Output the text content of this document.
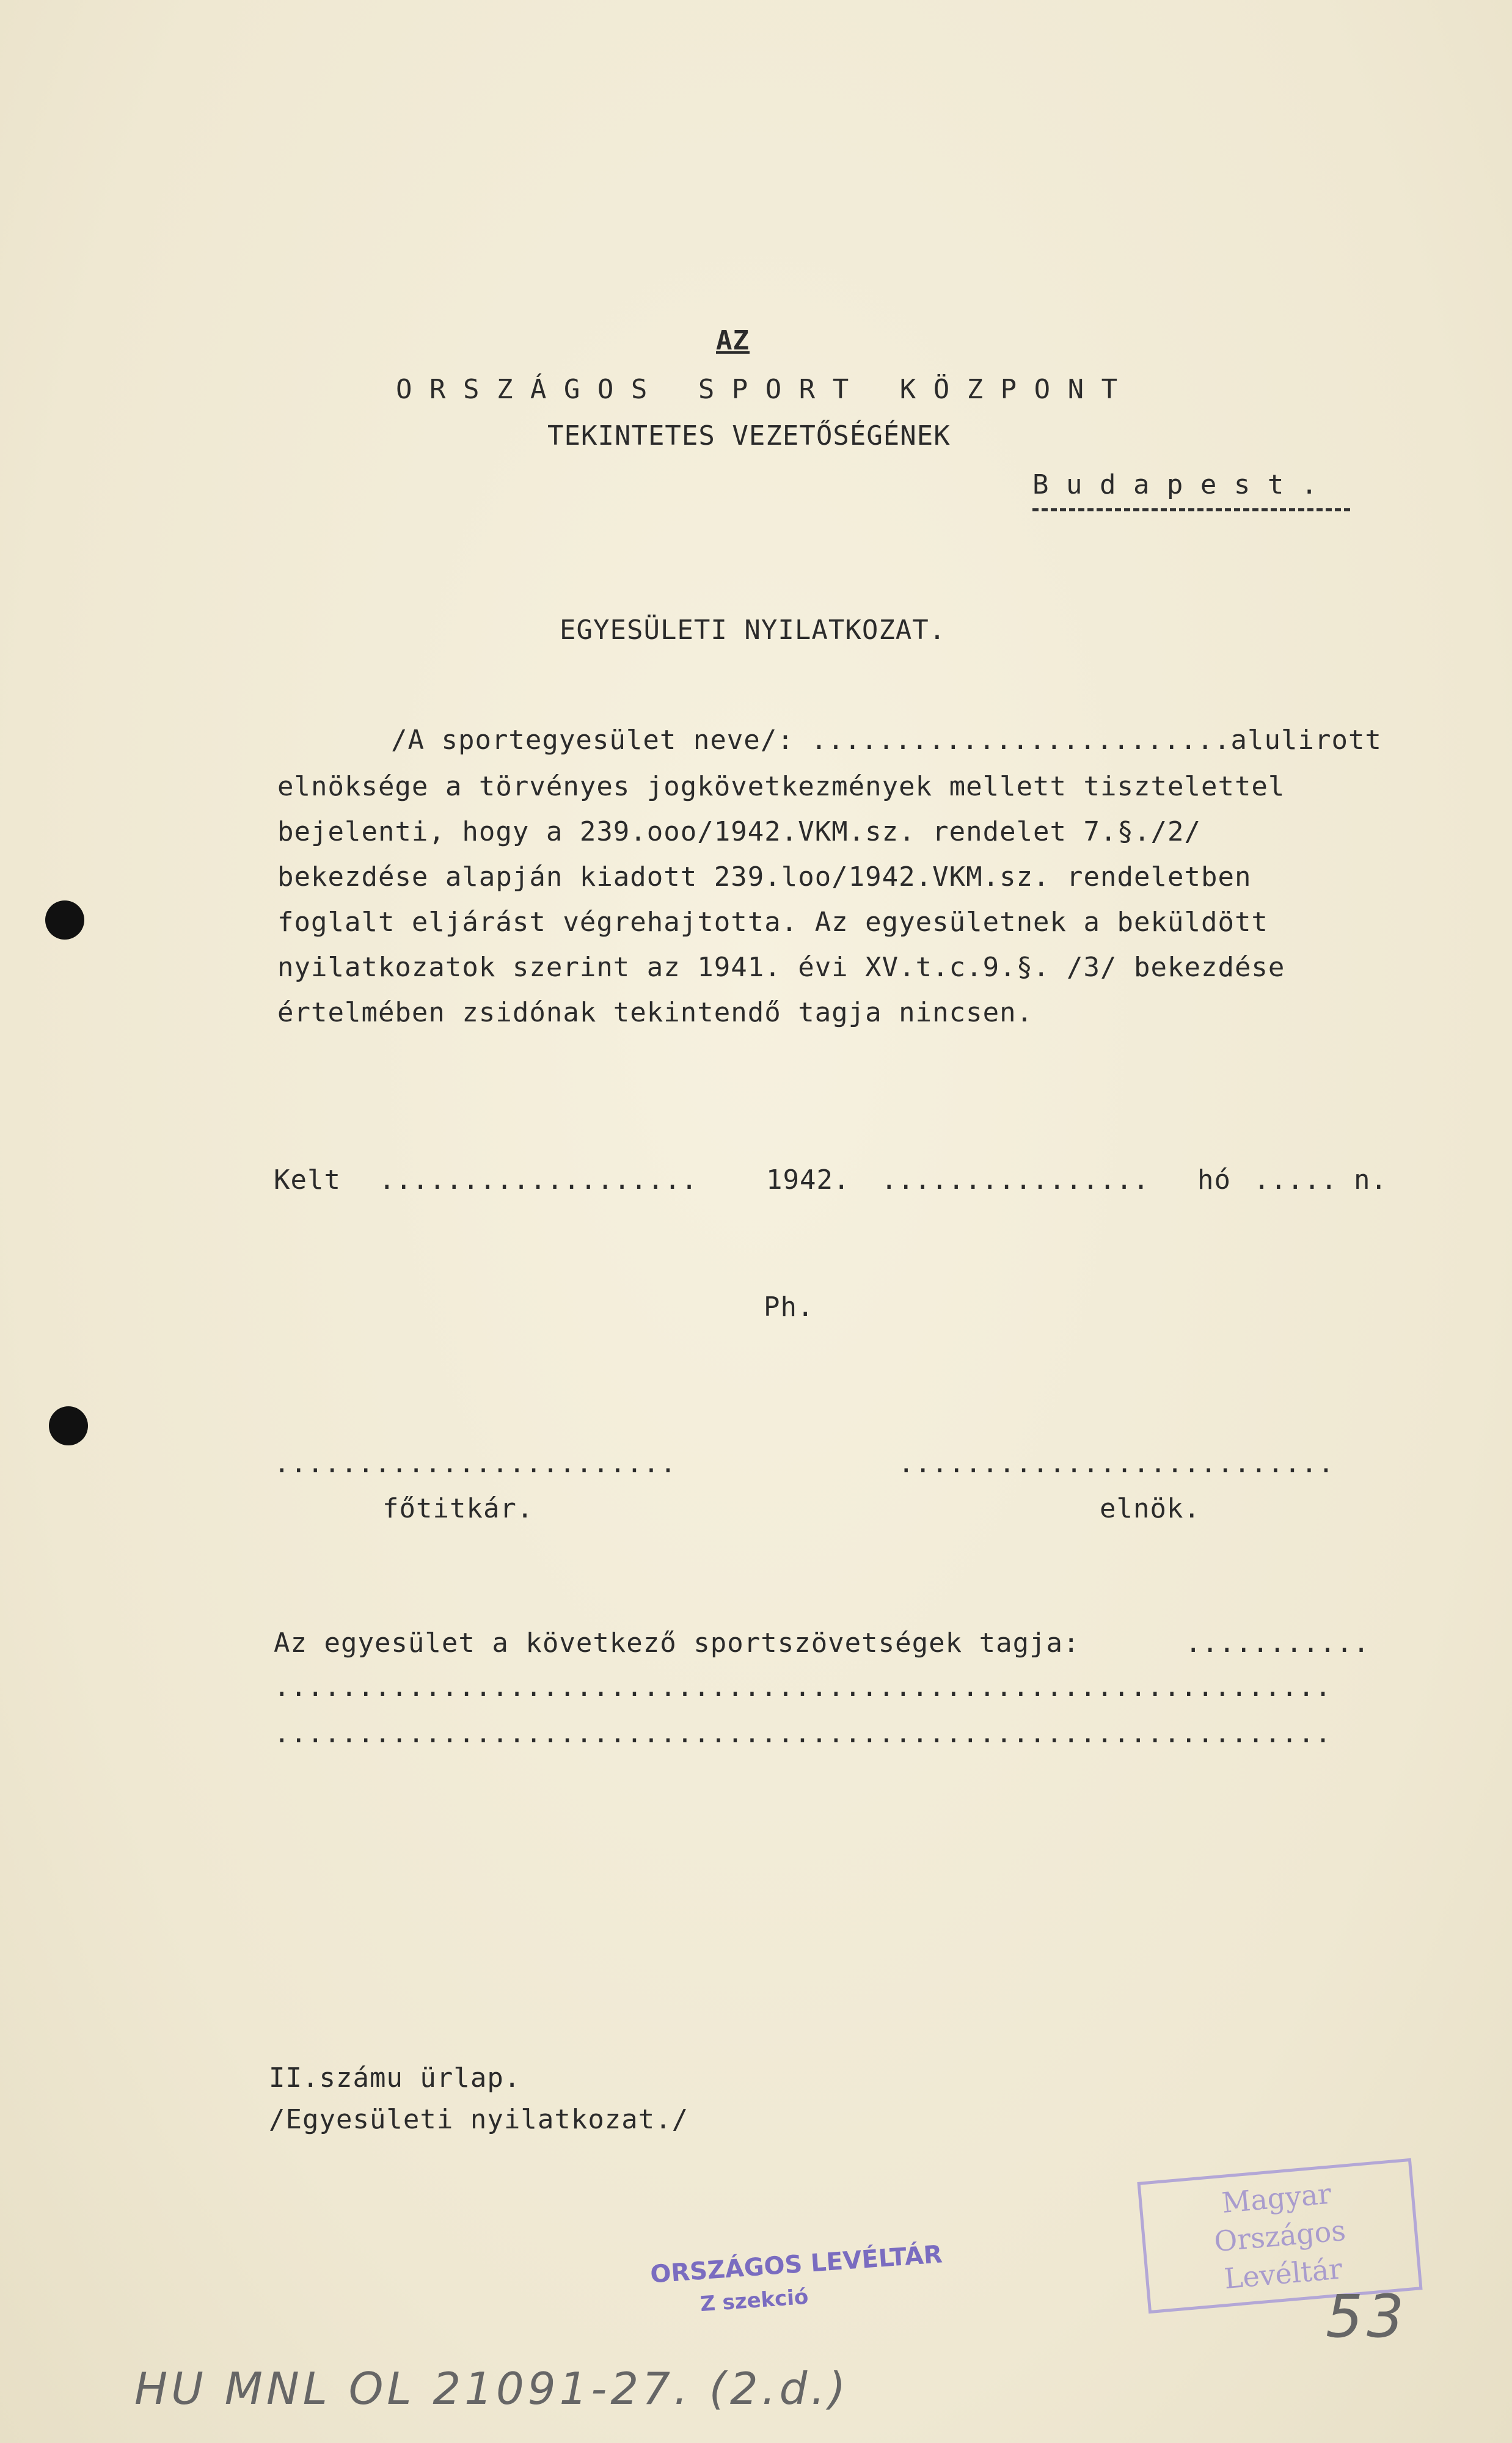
AZ
O R S Z Á G O S   S P O R T   K Ö Z P O N T
TEKINTETES VEZETŐSÉGÉNEK
B u d a p e s t .
EGYESÜLETI NYILATKOZAT.
/A sportegyesület neve/: .........................alulirott
elnöksége a törvényes jogkövetkezmények mellett tisztelettel
bejelenti, hogy a 239.ooo/1942.VKM.sz. rendelet 7.§./2/
bekezdése alapján kiadott 239.loo/1942.VKM.sz. rendeletben
foglalt eljárást végrehajtotta. Az egyesületnek a beküldött
nyilatkozatok szerint az 1941. évi XV.t.c.9.§. /3/ bekezdése
értelmében zsidónak tekintendő tagja nincsen.
Kelt ...................	1942. ................ hó ..... n.
Ph.
........................
főtitkár.
..........................
elnök.
Az egyesület a következő sportszövetségek tagja:	...........
...............................................................
...............................................................
II.számu ürlap.
/Egyesületi nyilatkozat./
ORSZÁGOS LEVÉLTÁR
Z szekció
Magyar Országos
Levéltár
53
HU MNL OL 21091-27. (2.d.)
